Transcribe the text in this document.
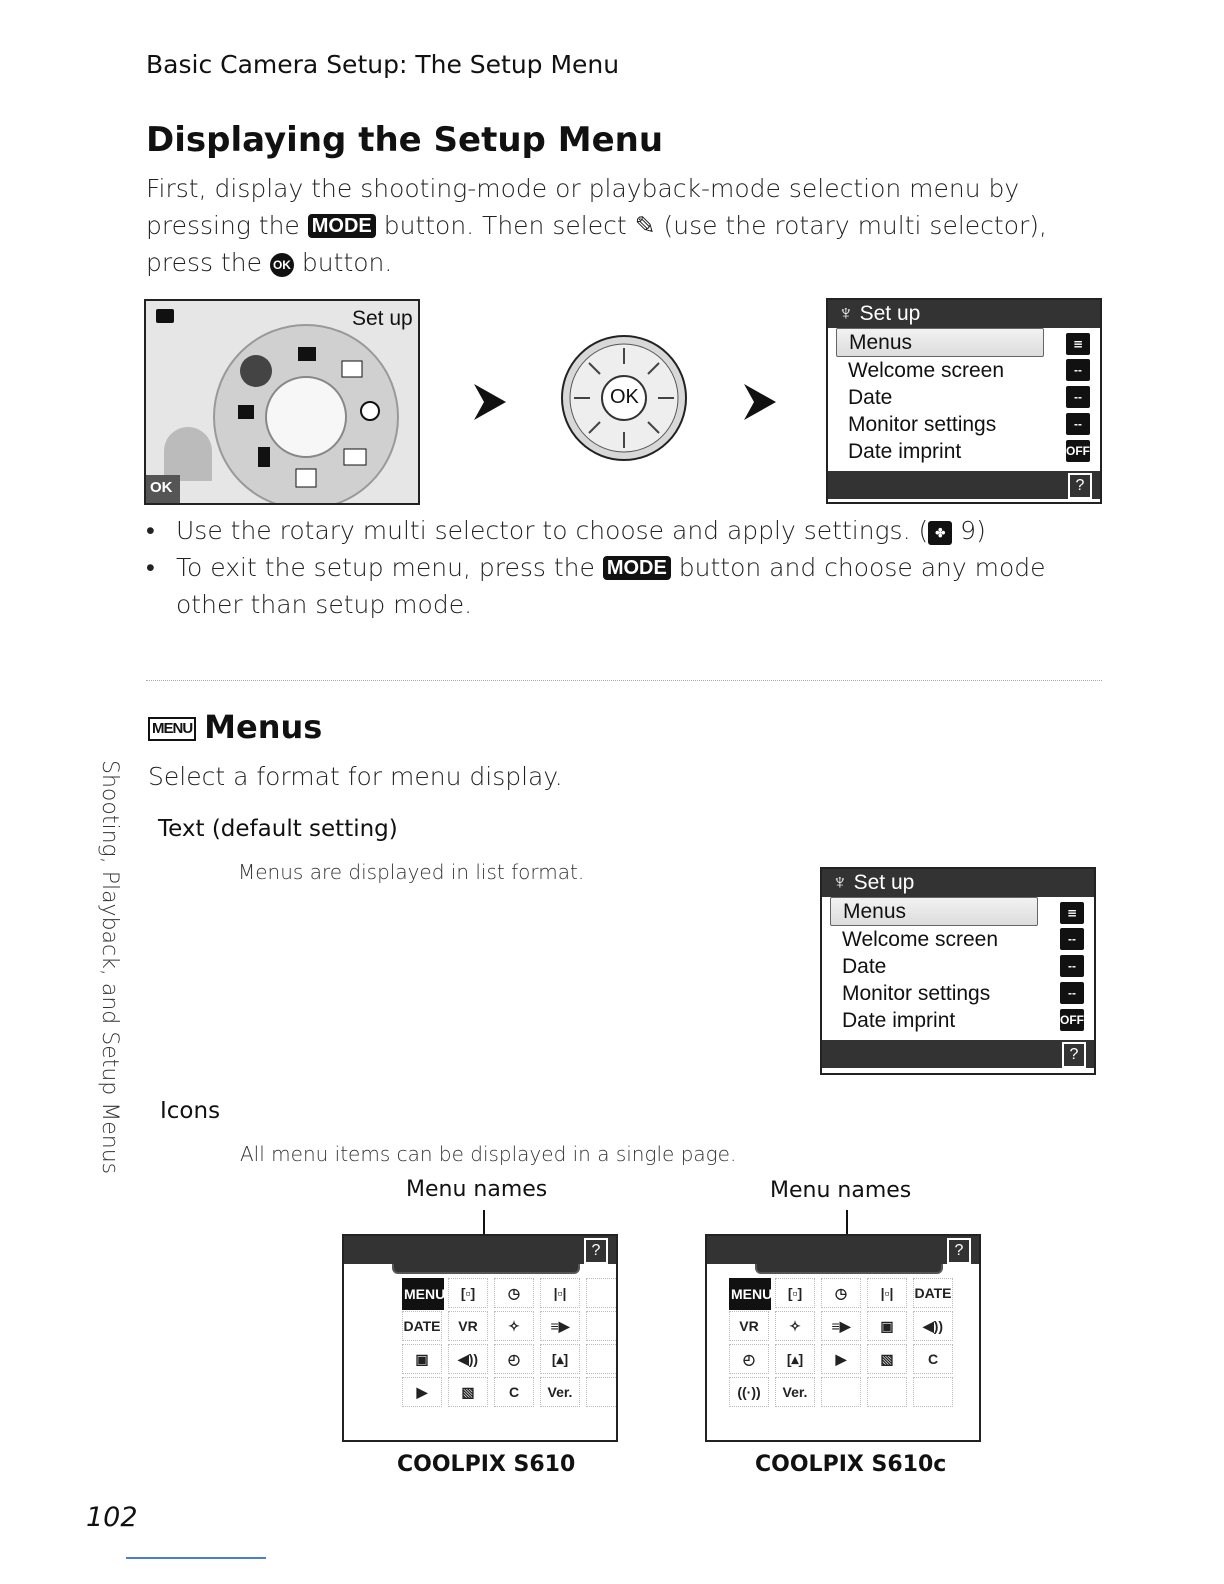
Basic Camera Setup: The Setup Menu
Displaying the Setup Menu
First, display the shooting-mode or playback-mode selection menu by pressing the MODE button. Then select ✎ (use the rotary multi selector), press the OK button.
Set up
OK
OK
♆ Set up
Menus	≡
Welcome screen	--
Date	--
Monitor settings	--
Date imprint	OFF
?
• Use the rotary multi selector to choose and apply settings. ( ✤ 9)
• To exit the setup menu, press the MODE button and choose any mode other than setup mode.
MENU Menus
Select a format for menu display.
Text (default setting)
Menus are displayed in list format.	♆ Set up
Menus	≡
Welcome screen	--
Date	--
Monitor settings	--
Date imprint	OFF
?
Icons
All menu items can be displayed in a single page.
Menu names
MENU	[▫]	◷	|▫|
DATE	VR	✧	≡▶
▣	◀))	◴	[▴]
▶	▧	C	Ver.
?
COOLPIX S610
Menu names
MENU	[▫]	◷	|▫|	DATE
VR	✧	≡▶	▣	◀))
◴	[▴]	▶	▧	C
((·))	Ver.
?
COOLPIX S610c
Shooting, Playback, and Setup Menus
102
